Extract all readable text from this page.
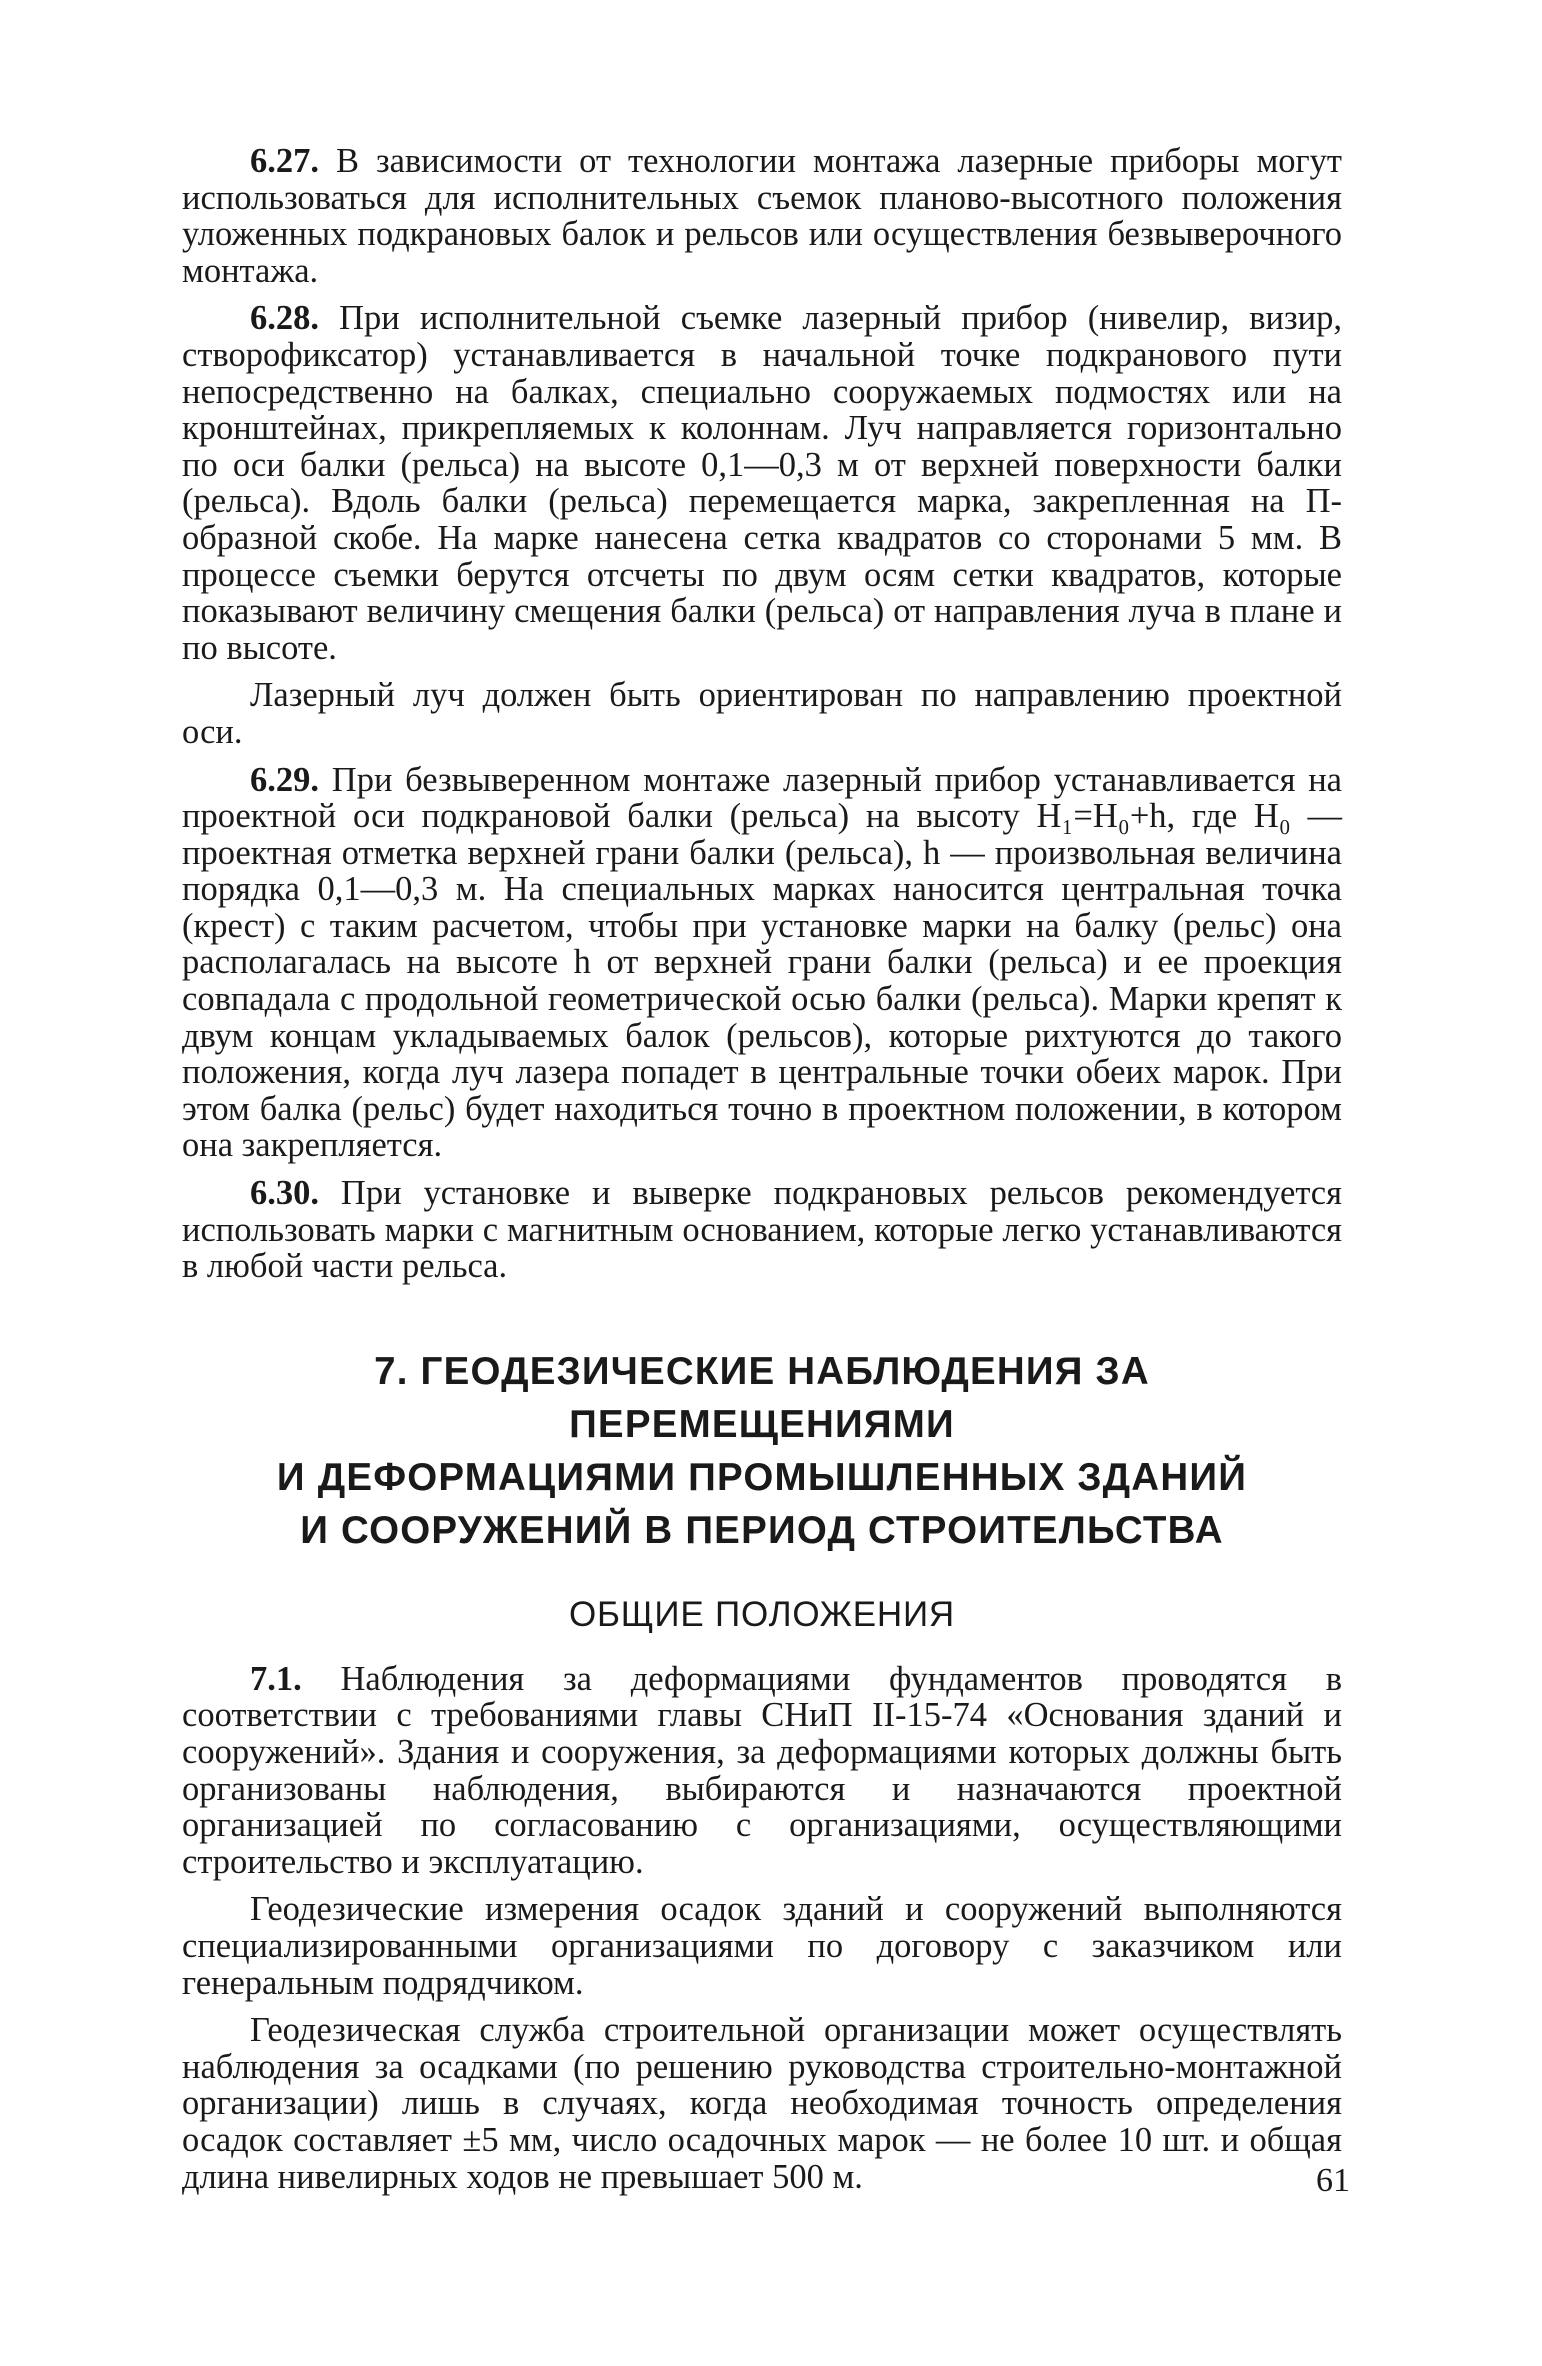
6.27. В зависимости от технологии монтажа лазерные приборы могут использоваться для исполнительных съемок планово-высотного положения уложенных подкрановых балок и рельсов или осуществления безвыверочного монтажа.

6.28. При исполнительной съемке лазерный прибор (нивелир, визир, створофиксатор) устанавливается в начальной точке подкранового пути непосредственно на балках, специально сооружаемых подмостях или на кронштейнах, прикрепляемых к колоннам. Луч направляется горизонтально по оси балки (рельса) на высоте 0,1—0,3 м от верхней поверхности балки (рельса). Вдоль балки (рельса) перемещается марка, закрепленная на П-образной скобе. На марке нанесена сетка квадратов со сторонами 5 мм. В процессе съемки берутся отсчеты по двум осям сетки квадратов, которые показывают величину смещения балки (рельса) от направления луча в плане и по высоте.

Лазерный луч должен быть ориентирован по направлению проектной оси.

6.29. При безвыверенном монтаже лазерный прибор устанавливается на проектной оси подкрановой балки (рельса) на высоту H₁=H₀+h, где H₀ — проектная отметка верхней грани балки (рельса), h — произвольная величина порядка 0,1—0,3 м. На специальных марках наносится центральная точка (крест) с таким расчетом, чтобы при установке марки на балку (рельс) она располагалась на высоте h от верхней грани балки (рельса) и ее проекция совпадала с продольной геометрической осью балки (рельса). Марки крепят к двум концам укладываемых балок (рельсов), которые рихтуются до такого положения, когда луч лазера попадет в центральные точки обеих марок. При этом балка (рельс) будет находиться точно в проектном положении, в котором она закрепляется.

6.30. При установке и выверке подкрановых рельсов рекомендуется использовать марки с магнитным основанием, которые легко устанавливаются в любой части рельса.

7. ГЕОДЕЗИЧЕСКИЕ НАБЛЮДЕНИЯ ЗА ПЕРЕМЕЩЕНИЯМИ
И ДЕФОРМАЦИЯМИ ПРОМЫШЛЕННЫХ ЗДАНИЙ
И СООРУЖЕНИЙ В ПЕРИОД СТРОИТЕЛЬСТВА
ОБЩИЕ ПОЛОЖЕНИЯ

7.1. Наблюдения за деформациями фундаментов проводятся в соответствии с требованиями главы СНиП II-15-74 «Основания зданий и сооружений». Здания и сооружения, за деформациями которых должны быть организованы наблюдения, выбираются и назначаются проектной организацией по согласованию с организациями, осуществляющими строительство и эксплуатацию.

Геодезические измерения осадок зданий и сооружений выполняются специализированными организациями по договору с заказчиком или генеральным подрядчиком.

Геодезическая служба строительной организации может осуществлять наблюдения за осадками (по решению руководства строительно-монтажной организации) лишь в случаях, когда необходимая точность определения осадок составляет ±5 мм, число осадочных марок — не более 10 шт. и общая длина нивелирных ходов не превышает 500 м.	61
